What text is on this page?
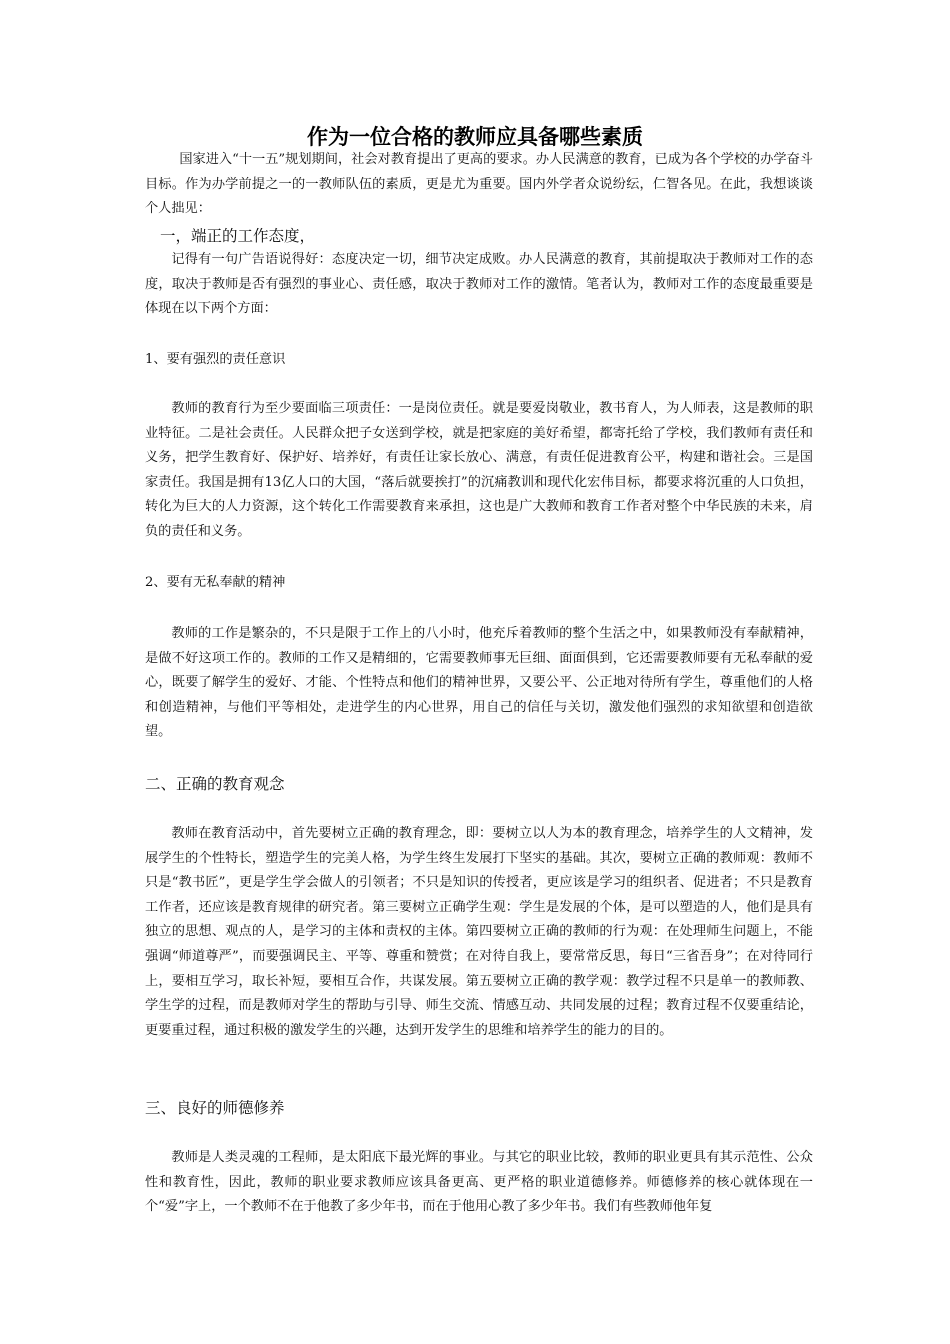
作为一位合格的教师应具备哪些素质

国家进入“十一五”规划期间，社会对教育提出了更高的要求。办人民满意的教育，已成为各个学校的办学奋斗目标。作为办学前提之一的一教师队伍的素质，更是尤为重要。国内外学者众说纷纭，仁智各见。在此，我想谈谈个人拙见：

一，端正的工作态度，

记得有一句广告语说得好：态度决定一切，细节决定成败。办人民满意的教育，其前提取决于教师对工作的态度，取决于教师是否有强烈的事业心、责任感，取决于教师对工作的激情。笔者认为，教师对工作的态度最重要是体现在以下两个方面：

1、要有强烈的责任意识

教师的教育行为至少要面临三项责任：一是岗位责任。就是要爱岗敬业，教书育人，为人师表，这是教师的职业特征。二是社会责任。人民群众把子女送到学校，就是把家庭的美好希望，都寄托给了学校，我们教师有责任和义务，把学生教育好、保护好、培养好，有责任让家长放心、满意，有责任促进教育公平，构建和谐社会。三是国家责任。我国是拥有13亿人口的大国，“落后就要挨打”的沉痛教训和现代化宏伟目标，都要求将沉重的人口负担，转化为巨大的人力资源，这个转化工作需要教育来承担，这也是广大教师和教育工作者对整个中华民族的未来，肩负的责任和义务。

2、要有无私奉献的精神

教师的工作是繁杂的，不只是限于工作上的八小时，他充斥着教师的整个生活之中，如果教师没有奉献精神，是做不好这项工作的。教师的工作又是精细的，它需要教师事无巨细、面面俱到，它还需要教师要有无私奉献的爱心，既要了解学生的爱好、才能、个性特点和他们的精神世界，又要公平、公正地对待所有学生，尊重他们的人格和创造精神，与他们平等相处，走进学生的内心世界，用自己的信任与关切，激发他们强烈的求知欲望和创造欲望。

二、正确的教育观念

教师在教育活动中，首先要树立正确的教育理念，即：要树立以人为本的教育理念，培养学生的人文精神，发展学生的个性特长，塑造学生的完美人格，为学生终生发展打下坚实的基础。其次，要树立正确的教师观：教师不只是“教书匠”，更是学生学会做人的引领者；不只是知识的传授者，更应该是学习的组织者、促进者；不只是教育工作者，还应该是教育规律的研究者。第三要树立正确学生观：学生是发展的个体，是可以塑造的人，他们是具有独立的思想、观点的人，是学习的主体和责权的主体。第四要树立正确的教师的行为观：在处理师生问题上，不能强调“师道尊严”，而要强调民主、平等、尊重和赞赏；在对待自我上，要常常反思，每日“三省吾身”；在对待同行上，要相互学习，取长补短，要相互合作，共谋发展。第五要树立正确的教学观：教学过程不只是单一的教师教、学生学的过程，而是教师对学生的帮助与引导、师生交流、情感互动、共同发展的过程；教育过程不仅要重结论，更要重过程，通过积极的激发学生的兴趣，达到开发学生的思维和培养学生的能力的目的。

三、良好的师德修养

教师是人类灵魂的工程师，是太阳底下最光辉的事业。与其它的职业比较，教师的职业更具有其示范性、公众性和教育性，因此，教师的职业要求教师应该具备更高、更严格的职业道德修养。师德修养的核心就体现在一个“爱”字上，一个教师不在于他教了多少年书，而在于他用心教了多少年书。我们有些教师他年复
